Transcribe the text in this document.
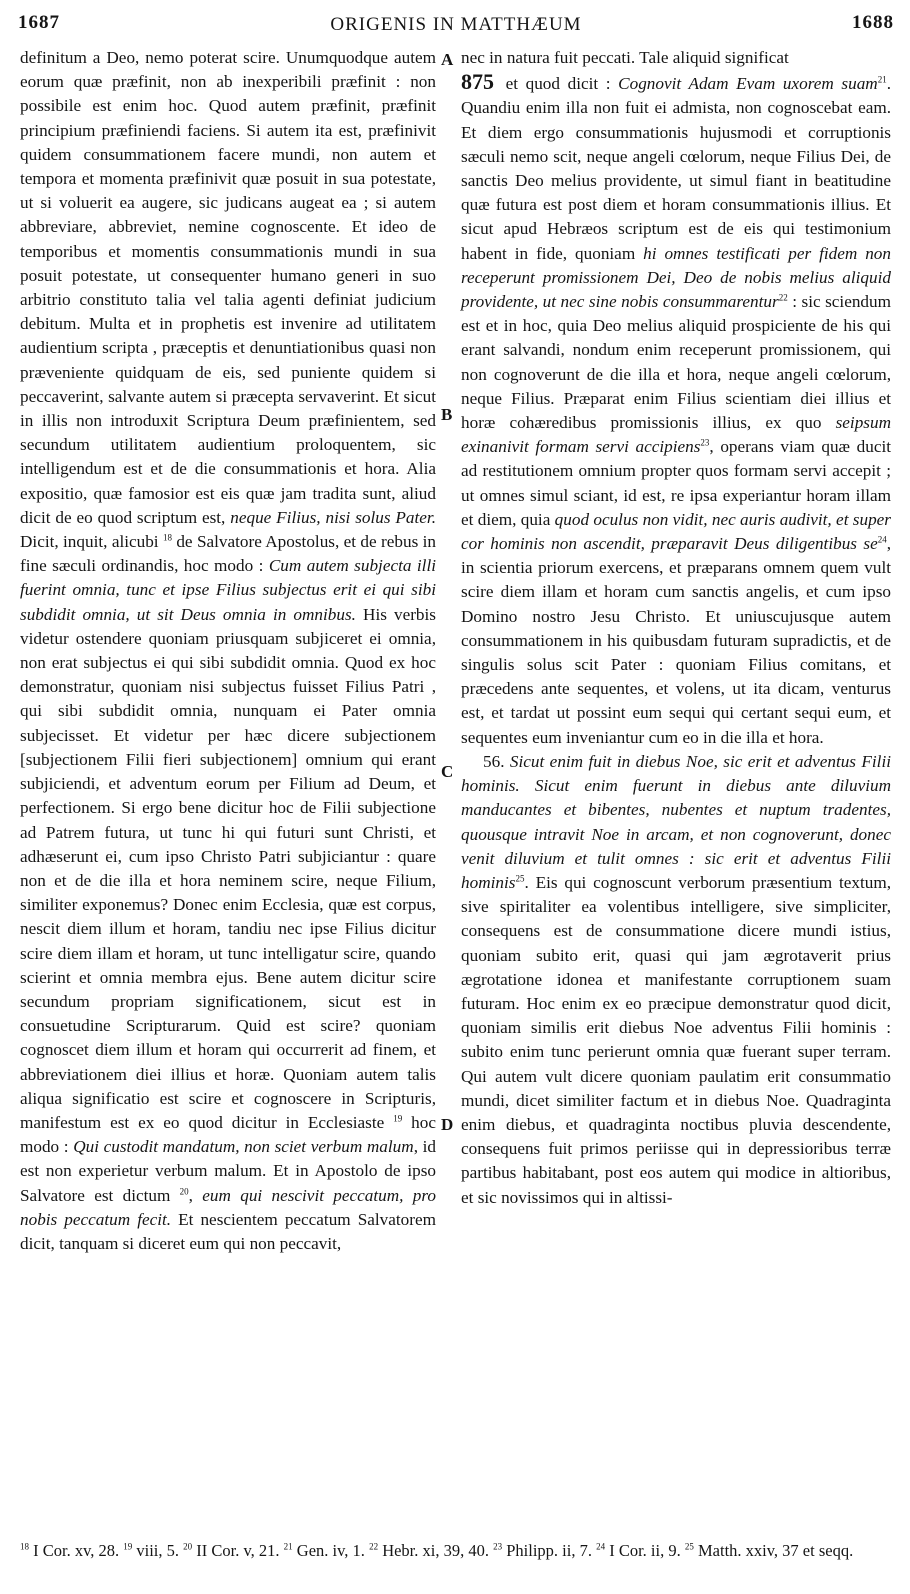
1687	ORIGENIS IN MATTHÆUM	1688
A
B
C
D

definitum a Deo, nemo poterat scire. Unumquodque autem eorum quæ præfinit, non ab inexperibili præfinit : non possibile est enim hoc. Quod autem præfinit, præfinit principium præfiniendi faciens. Si autem ita est, præfinivit quidem consummationem facere mundi, non autem et tempora et momenta præfinivit quæ posuit in sua potestate, ut si voluerit ea augere, sic judicans augeat ea ; si autem abbreviare, abbreviet, nemine cognoscente. Et ideo de temporibus et momentis consummationis mundi in sua posuit potestate, ut consequenter humano generi in suo arbitrio constituto talia vel talia agenti definiat judicium debitum. Multa et in prophetis est invenire ad utilitatem audientium scripta , præceptis et denuntiationibus quasi non præveniente quidquam de eis, sed puniente quidem si peccaverint, salvante autem si præcepta servaverint. Et sicut in illis non introduxit Scriptura Deum præfinientem, sed secundum utilitatem audientium proloquentem, sic intelligendum est et de die consummationis et hora. Alia expositio, quæ famosior est eis quæ jam tradita sunt, aliud dicit de eo quod scriptum est, neque Filius, nisi solus Pater. Dicit, inquit, alicubi $^{18}$ de Salvatore Apostolus, et de rebus in fine sæculi ordinandis, hoc modo : Cum autem subjecta illi fuerint omnia, tunc et ipse Filius subjectus erit ei qui sibi subdidit omnia, ut sit Deus omnia in omnibus. His verbis videtur ostendere quoniam priusquam subjiceret ei omnia, non erat subjectus ei qui sibi subdidit omnia. Quod ex hoc demonstratur, quoniam nisi subjectus fuisset Filius Patri , qui sibi subdidit omnia, nunquam ei Pater omnia subjecisset. Et videtur per hæc dicere subjectionem [subjectionem Filii fieri subjectionem] omnium qui erant subjiciendi, et adventum eorum per Filium ad Deum, et perfectionem. Si ergo bene dicitur hoc de Filii subjectione ad Patrem futura, ut tunc hi qui futuri sunt Christi, et adhæserunt ei, cum ipso Christo Patri subjiciantur : quare non et de die illa et hora neminem scire, neque Filium, similiter exponemus? Donec enim Ecclesia, quæ est corpus, nescit diem illum et horam, tandiu nec ipse Filius dicitur scire diem illam et horam, ut tunc intelligatur scire, quando scierint et omnia membra ejus. Bene autem dicitur scire secundum propriam significationem, sicut est in consuetudine Scripturarum. Quid est scire? quoniam cognoscet diem illum et horam qui occurrerit ad finem, et abbreviationem diei illius et horæ. Quoniam autem talis aliqua significatio est scire et cognoscere in Scripturis, manifestum est ex eo quod dicitur in Ecclesiaste $^{19}$ hoc modo : Qui custodit mandatum, non sciet verbum malum, id est non experietur verbum malum. Et in Apostolo de ipso Salvatore est dictum $^{20}$, eum qui nescivit peccatum, pro nobis peccatum fecit. Et nescientem peccatum Salvatorem dicit, tanquam si diceret eum qui non peccavit,

nec in natura fuit peccati. Tale aliquid significat
875 et quod dicit : Cognovit Adam Evam uxorem suam$^{21}$. Quandiu enim illa non fuit ei admista, non cognoscebat eam. Et diem ergo consummationis hujusmodi et corruptionis sæculi nemo scit, neque angeli cœlorum, neque Filius Dei, de sanctis Deo melius providente, ut simul fiant in beatitudine quæ futura est post diem et horam consummationis illius. Et sicut apud Hebræos scriptum est de eis qui testimonium habent in fide, quoniam hi omnes testificati per fidem non receperunt promissionem Dei, Deo de nobis melius aliquid providente, ut nec sine nobis consummarentur$^{22}$ : sic sciendum est et in hoc, quia Deo melius aliquid prospiciente de his qui erant salvandi, nondum enim receperunt promissionem, qui non cognoverunt de die illa et hora, neque angeli cœlorum, neque Filius. Præparat enim Filius scientiam diei illius et horæ cohæredibus promissionis illius, ex quo seipsum exinanivit formam servi accipiens$^{23}$, operans viam quæ ducit ad restitutionem omnium propter quos formam servi accepit ; ut omnes simul sciant, id est, re ipsa experiantur horam illam et diem, quia quod oculus non vidit, nec auris audivit, et super cor hominis non ascendit, præparavit Deus diligentibus $se^{24}$, in scientia priorum exercens, et præparans omnem quem vult scire diem illam et horam cum sanctis angelis, et cum ipso Domino nostro Jesu Christo. Et uniuscujusque autem consummationem in his quibusdam futuram supradictis, et de singulis solus scit Pater : quoniam Filius comitans, et præcedens ante sequentes, et volens, ut ita dicam, venturus est, et tardat ut possint eum sequi qui certant sequi eum, et sequentes eum inveniantur cum eo in die illa et hora.

56. Sicut enim fuit in diebus Noe, sic erit et adventus Filii hominis. Sicut enim fuerunt in diebus ante diluvium manducantes et bibentes, nubentes et nuptum tradentes, quousque intravit Noe in arcam, et non cognoverunt, donec venit diluvium et tulit omnes : sic erit et adventus Filii hominis$^{25}$. Eis qui cognoscunt verborum præsentium textum, sive spiritaliter ea volentibus intelligere, sive simpliciter, consequens est de consummatione dicere mundi istius, quoniam subito erit, quasi qui jam ægrotaverit prius ægrotatione idonea et manifestante corruptionem suam futuram. Hoc enim ex eo præcipue demonstratur quod dicit, quoniam similis erit diebus Noe adventus Filii hominis : subito enim tunc perierunt omnia quæ fuerant super terram. Qui autem vult dicere quoniam paulatim erit consummatio mundi, dicet similiter factum et in diebus Noe. Quadraginta enim diebus, et quadraginta noctibus pluvia descendente, consequens fuit primos periisse qui in depressioribus terræ partibus habitabant, post eos autem qui modice in altioribus, et sic novissimos qui in altissi-

$^{18}$ I Cor. xv, 28. $^{19}$ viii, 5. $^{20}$ II Cor. v, 21. $^{21}$ Gen. iv, 1. $^{22}$ Hebr. xi, 39, 40. $^{23}$ Philipp. ii, 7. $^{24}$ I Cor. ii, 9. $^{25}$ Matth. xxiv, 37 et seqq.
